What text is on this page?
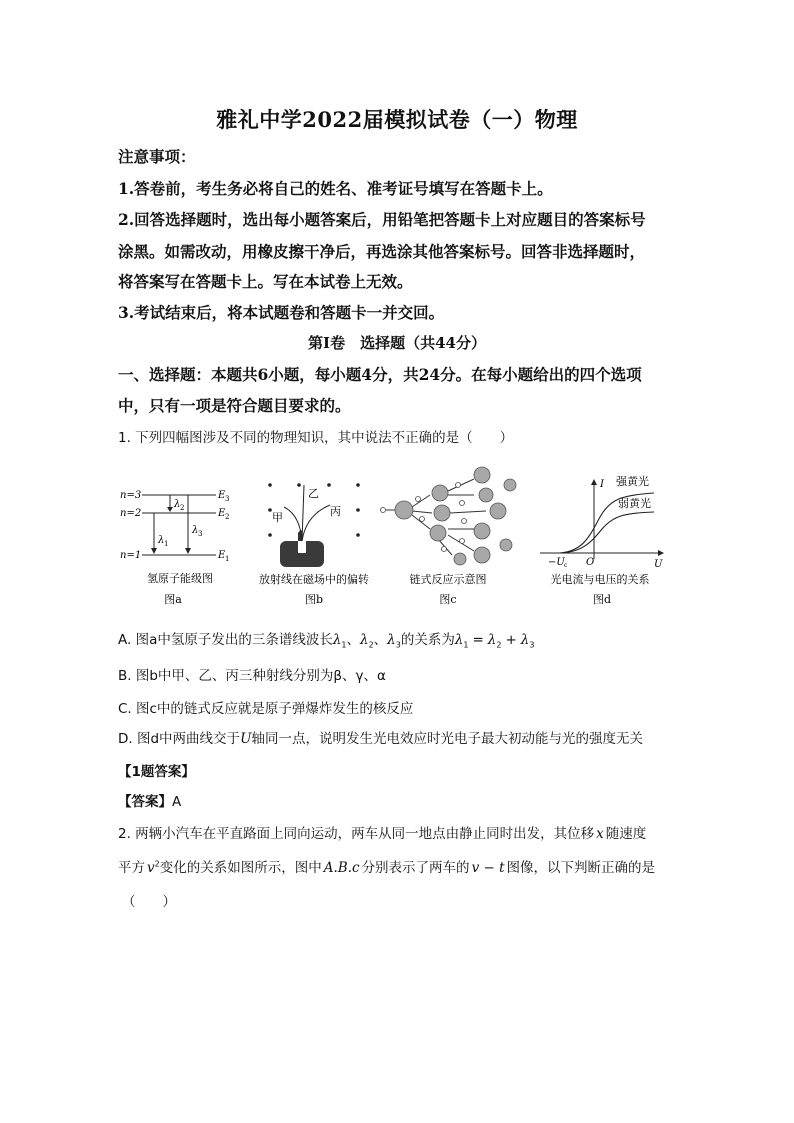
雅礼中学2022届模拟试卷（一）物理
注意事项：
1.答卷前，考生务必将自己的姓名、准考证号填写在答题卡上。
2.回答选择题时，选出每小题答案后，用铅笔把答题卡上对应题目的答案标号
涂黑。如需改动，用橡皮擦干净后，再选涂其他答案标号。回答非选择题时，
将答案写在答题卡上。写在本试卷上无效。
3.考试结束后，将本试题卷和答题卡一并交回。
第Ⅰ卷　选择题（共44分）
一、选择题：本题共6小题，每小题4分，共24分。在每小题给出的四个选项
中，只有一项是符合题目要求的。
1. 下列四幅图涉及不同的物理知识，其中说法不正确的是（　　）
n=3
n=2
n=1
E 3
E 2
E 1
λ 1
λ 2
λ 3
氢原子能级图
图a
甲
乙
丙
放射线在磁场中的偏转
图b
链式反应示意图
图c
I
U
O
−U c
强黄光
弱黄光
光电流与电压的关系
图d
A. 图a中氢原子发出的三条谱线波长$\lambda_1$、$\lambda_2$、$\lambda_3$的关系为$\lambda_1 = \lambda_2 + \lambda_3$
B. 图b中甲、乙、丙三种射线分别为β、γ、α
C. 图c中的链式反应就是原子弹爆炸发生的核反应
D. 图d中两曲线交于U轴同一点，说明发生光电效应时光电子最大初动能与光的强度无关
【1题答案】
【答案】A
2. 两辆小汽车在平直路面上同向运动，两车从同一地点由静止同时出发，其位移 x 随速度
平方 $v^2$变化的关系如图所示，图中 A.B.c 分别表示了两车的 v − t 图像，以下判断正确的是
（　　）
